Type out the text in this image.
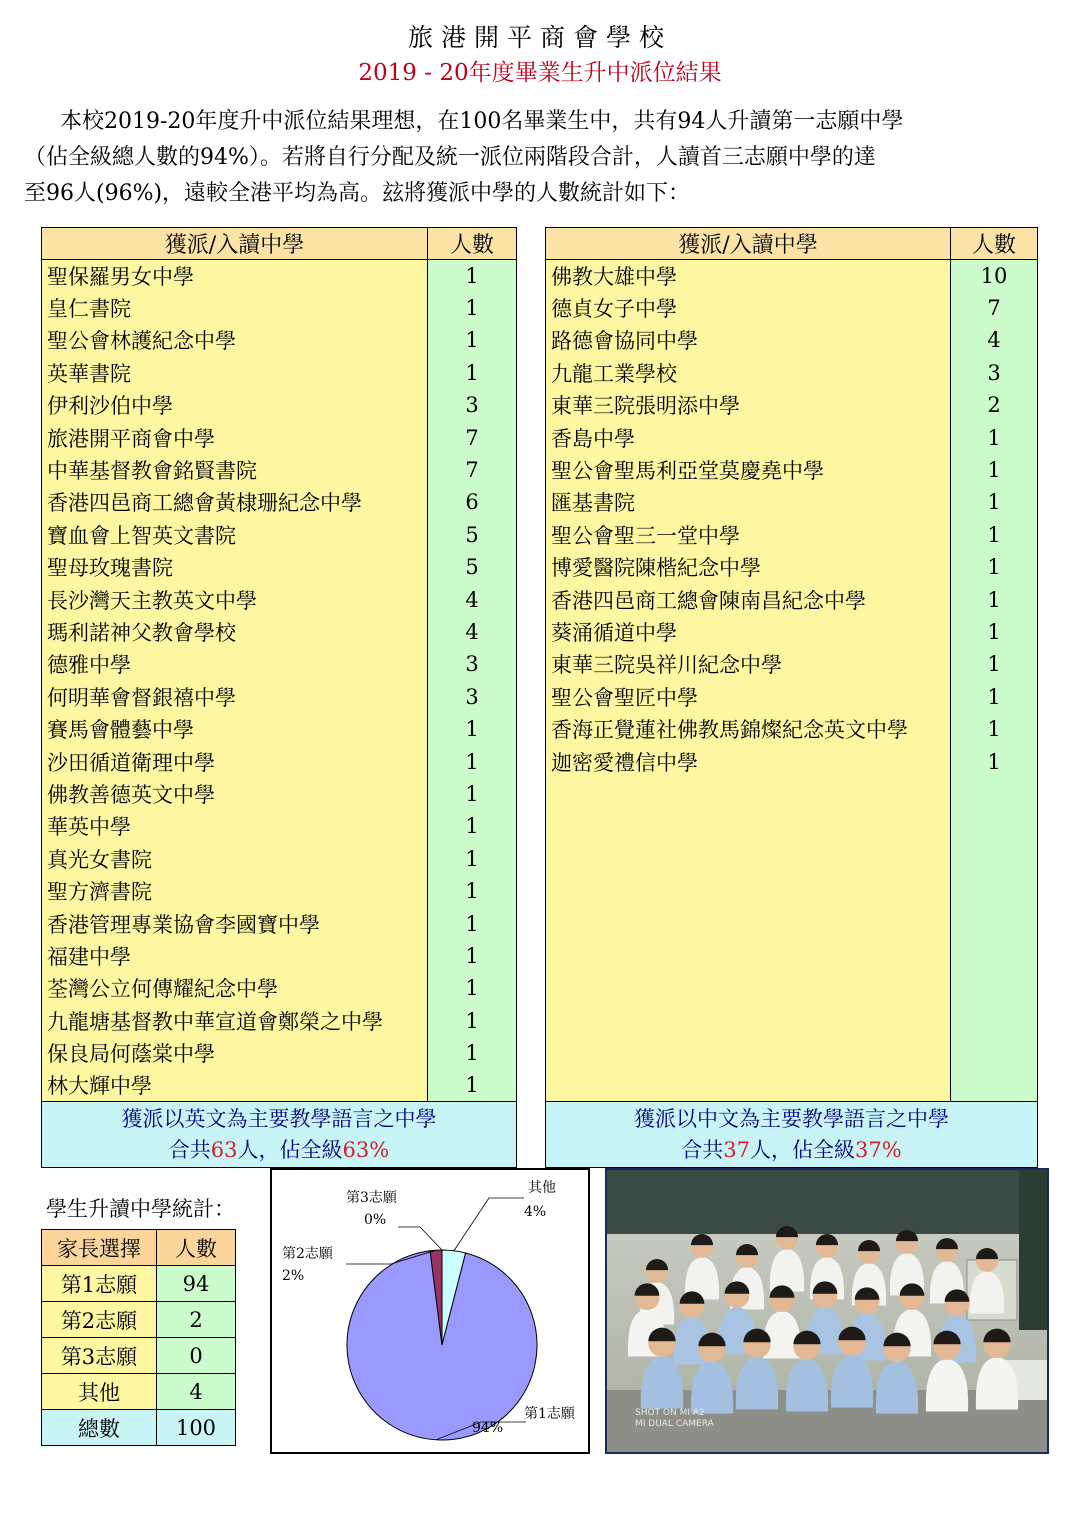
旅港開平商會學校
2019 - 20年度畢業生升中派位結果
本校2019-20年度升中派位結果理想，在100名畢業生中，共有94人升讀第一志願中學
（佔全級總人數的94%）。若將自行分配及統一派位兩階段合計，人讀首三志願中學的達
至96人(96%)，遠較全港平均為高。玆將獲派中學的人數統計如下：
獲派/入讀中學	人數
聖保羅男女中學	1
皇仁書院	1
聖公會林護紀念中學	1
英華書院	1
伊利沙伯中學	3
旅港開平商會中學	7
中華基督教會銘賢書院	7
香港四邑商工總會黃棣珊紀念中學	6
寶血會上智英文書院	5
聖母玫瑰書院	5
長沙灣天主教英文中學	4
瑪利諾神父教會學校	4
德雅中學	3
何明華會督銀禧中學	3
賽馬會體藝中學	1
沙田循道衛理中學	1
佛教善德英文中學	1
華英中學	1
真光女書院	1
聖方濟書院	1
香港管理專業協會李國寶中學	1
福建中學	1
荃灣公立何傳耀紀念中學	1
九龍塘基督教中華宣道會鄭榮之中學	1
保良局何蔭棠中學	1
林大輝中學	1

獲派以英文為主要教學語言之中學
合共63人，佔全級63%	
獲派/入讀中學	人數
佛教大雄中學	10
德貞女子中學	7
路德會協同中學	4
九龍工業學校	3
東華三院張明添中學	2
香島中學	1
聖公會聖馬利亞堂莫慶堯中學	1
匯基書院	1
聖公會聖三一堂中學	1
博愛醫院陳楷紀念中學	1
香港四邑商工總會陳南昌紀念中學	1
葵涌循道中學	1
東華三院吳祥川紀念中學	1
聖公會聖匠中學	1
香海正覺蓮社佛教馬錦燦紀念英文中學	1
迦密愛禮信中學	1

獲派以中文為主要教學語言之中學
合共37人，佔全級37%	
學生升讀中學統計：
家長選擇	人數
第1志願	94
第2志願	2
第3志願	0
其他	4
總數	100
第1志願
94%
第2志願
2%
第3志願
0%
其他
4%
SHOT ON MI A2
MI DUAL CAMERA
